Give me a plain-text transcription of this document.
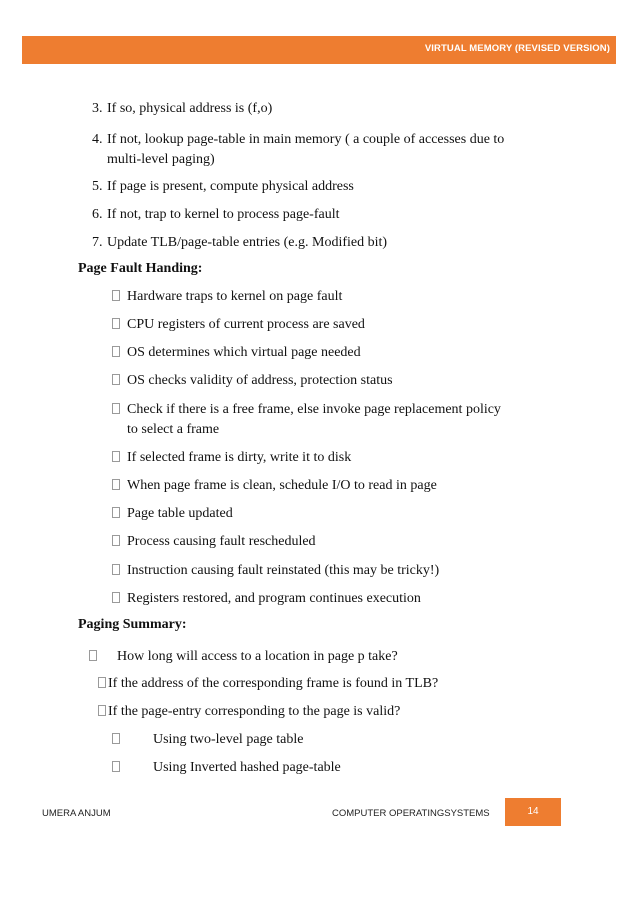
VIRTUAL MEMORY (REVISED VERSION)
3. If so, physical address is (f,o)
4. If not, lookup page-table in main memory ( a couple of accesses due to
multi-level paging)
5. If page is present, compute physical address
6. If not, trap to kernel to process page-fault
7. Update TLB/page-table entries (e.g. Modified bit)
Page Fault Handing:
Hardware traps to kernel on page fault
CPU registers of current process are saved
OS determines which virtual page needed
OS checks validity of address, protection status
Check if there is a free frame, else invoke page replacement policy
to select a frame
If selected frame is dirty, write it to disk
When page frame is clean, schedule I/O to read in page
Page table updated
Process causing fault rescheduled
Instruction causing fault reinstated (this may be tricky!)
Registers restored, and program continues execution
Paging Summary:
How long will access to a location in page p take?
If the address of the corresponding frame is found in TLB?
If the page-entry corresponding to the page is valid?
Using two-level page table
Using Inverted hashed page-table
UMERA ANJUM	COMPUTER OPERATINGSYSTEMS	14
